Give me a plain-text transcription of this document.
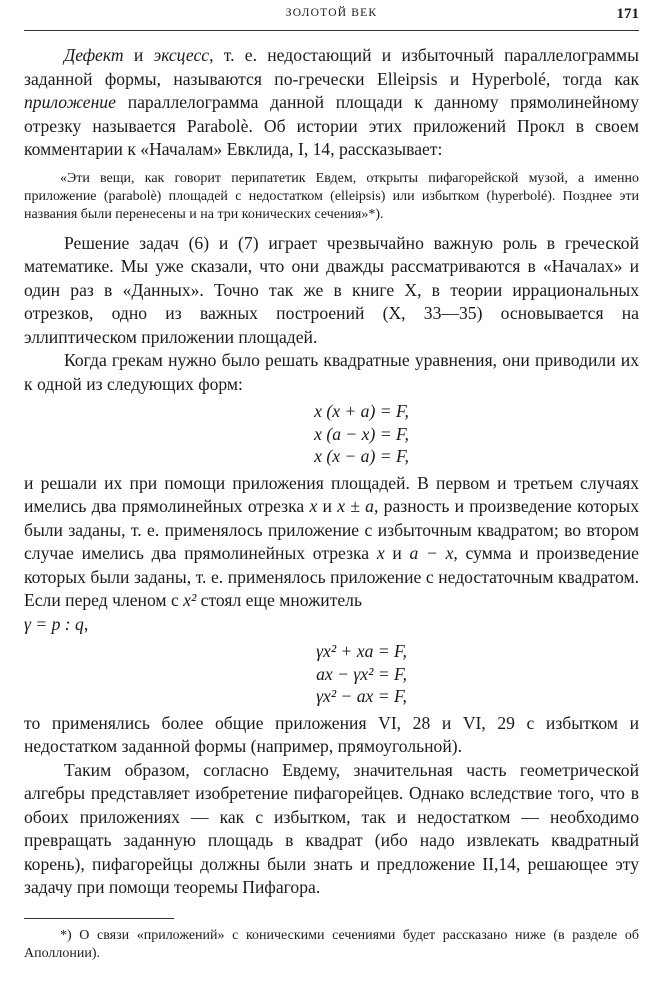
ЗОЛОТОЙ ВЕК	171

Дефект и эксцесс, т. е. недостающий и избыточный параллелограммы заданной формы, называются по-гречески Elleipsis и Hyperbolé, тогда как приложение параллелограмма данной площади к данному прямолинейному отрезку называется Parabolè. Об истории этих приложений Прокл в своем комментарии к «Началам» Евклида, I, 14, рассказывает:

«Эти вещи, как говорит перипатетик Евдем, открыты пифагорейской музой, а именно приложение (parabolè) площадей с недостатком (elleipsis) или избытком (hyperbolé). Позднее эти названия были перенесены и на три конических сечения»*).

Решение задач (6) и (7) играет чрезвычайно важную роль в греческой математике. Мы уже сказали, что они дважды рассматриваются в «Началах» и один раз в «Данных». Точно так же в книге X, в теории иррациональных отрезков, одно из важных построений (X, 33—35) основывается на эллиптическом приложении площадей.

Когда грекам нужно было решать квадратные уравнения, они приводили их к одной из следующих форм:

x (x + a) = F,
x (a − x) = F,
x (x − a) = F,

и решали их при помощи приложения площадей. В первом и третьем случаях имелись два прямолинейных отрезка x и x ± a, разность и произведение которых были заданы, т. е. применялось приложение с избыточным квадратом; во втором случае имелись два прямолинейных отрезка x и a − x, сумма и произведение которых были заданы, т. е. применялось приложение с недостаточным квадратом. Если перед членом с x² стоял еще множитель
γ = p : q,

γx² + xa = F,
ax − γx² = F,
γx² − ax = F,

то применялись более общие приложения VI, 28 и VI, 29 с избытком и недостатком заданной формы (например, прямоугольной).

Таким образом, согласно Евдему, значительная часть геометрической алгебры представляет изобретение пифагорейцев. Однако вследствие того, что в обоих приложениях — как с избытком, так и недостатком — необходимо превращать заданную площадь в квадрат (ибо надо извлекать квадратный корень), пифагорейцы должны были знать и предложение II,14, решающее эту задачу при помощи теоремы Пифагора.

*) О связи «приложений» с коническими сечениями будет рассказано ниже (в разделе об Аполлонии).
